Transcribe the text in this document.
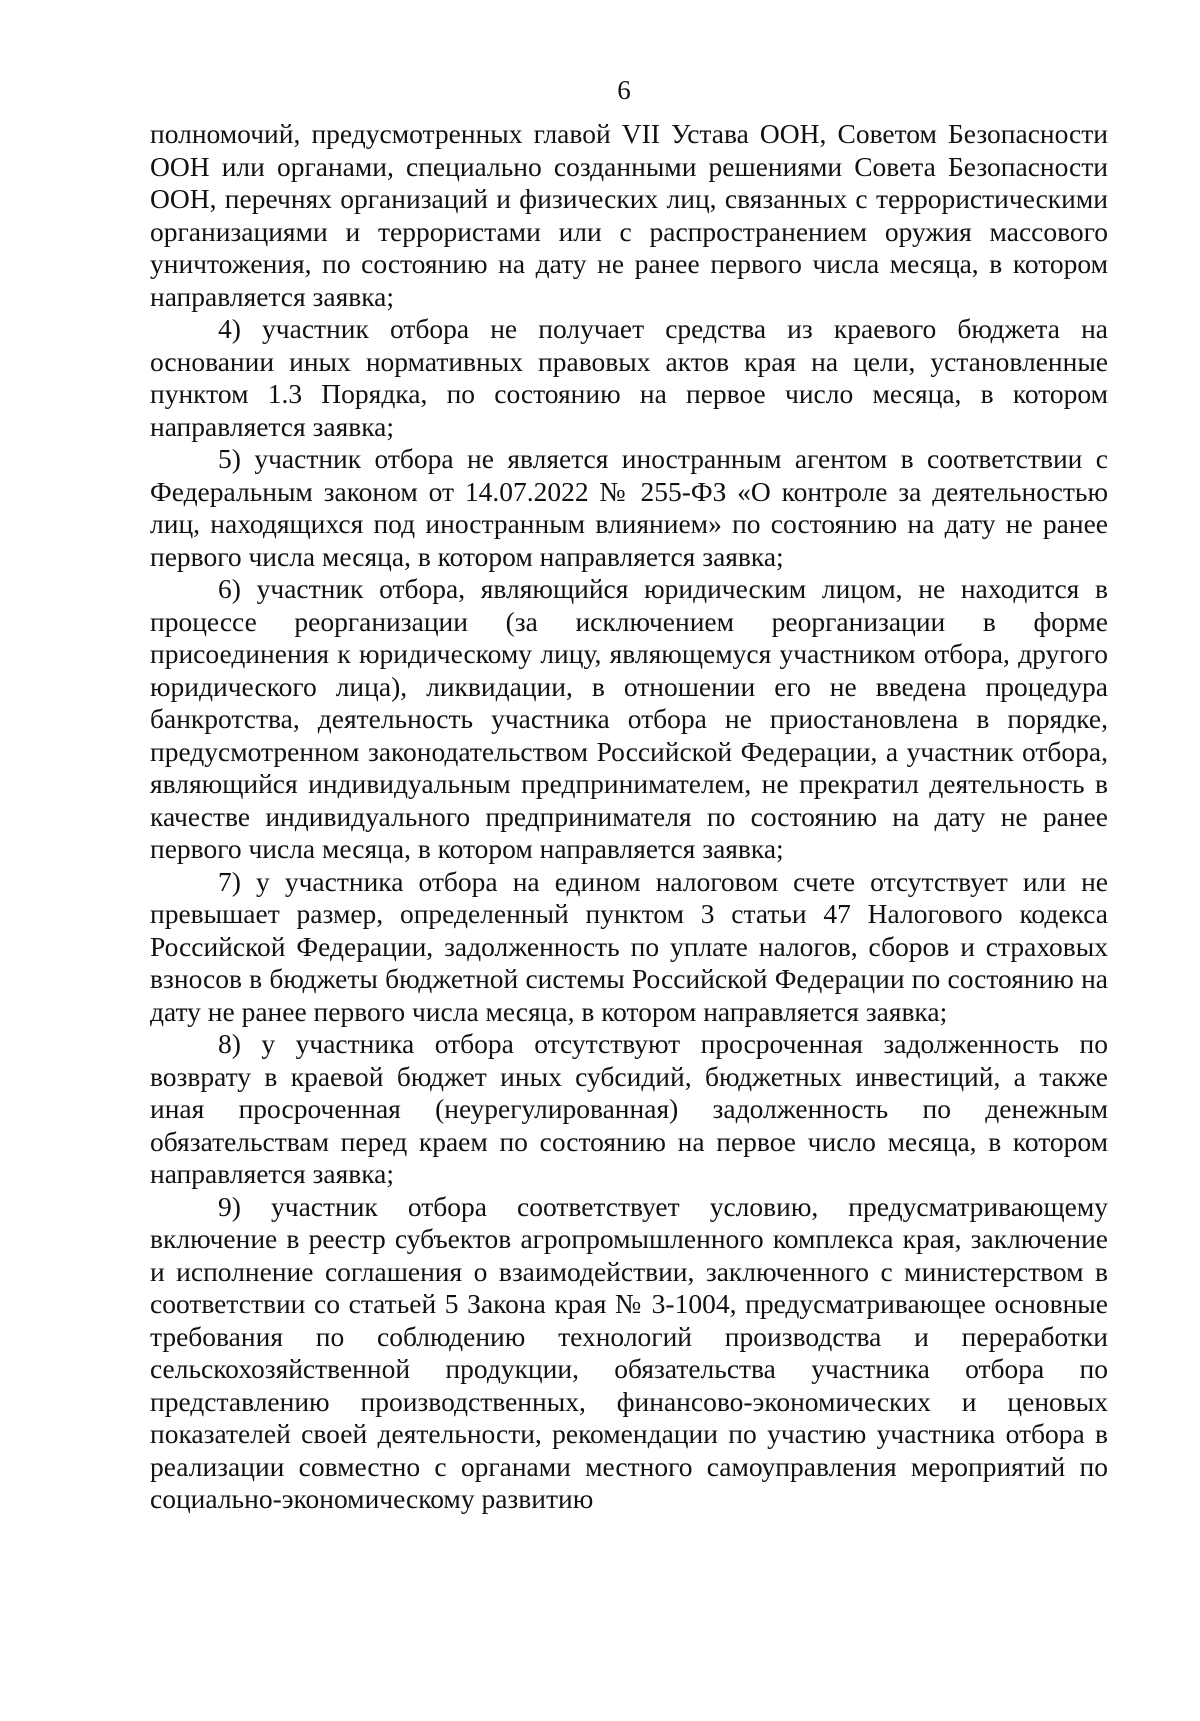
6

полномочий, предусмотренных главой VII Устава ООН, Советом Безопасности ООН или органами, специально созданными решениями Совета Безопасности ООН, перечнях организаций и физических лиц, связанных с террористическими организациями и террористами или с распространением оружия массового уничтожения, по состоянию на дату не ранее первого числа месяца, в котором направляется заявка;

4) участник отбора не получает средства из краевого бюджета на основании иных нормативных правовых актов края на цели, установленные пунктом 1.3 Порядка, по состоянию на первое число месяца, в котором направляется заявка;

5) участник отбора не является иностранным агентом в соответствии с Федеральным законом от 14.07.2022 № 255-ФЗ «О контроле за деятельностью лиц, находящихся под иностранным влиянием» по состоянию на дату не ранее первого числа месяца, в котором направляется заявка;

6) участник отбора, являющийся юридическим лицом, не находится в процессе реорганизации (за исключением реорганизации в форме присоединения к юридическому лицу, являющемуся участником отбора, другого юридического лица), ликвидации, в отношении его не введена процедура банкротства, деятельность участника отбора не приостановлена в порядке, предусмотренном законодательством Российской Федерации, а участник отбора, являющийся индивидуальным предпринимателем, не прекратил деятельность в качестве индивидуального предпринимателя по состоянию на дату не ранее первого числа месяца, в котором направляется заявка;

7) у участника отбора на едином налоговом счете отсутствует или не превышает размер, определенный пунктом 3 статьи 47 Налогового кодекса Российской Федерации, задолженность по уплате налогов, сборов и страховых взносов в бюджеты бюджетной системы Российской Федерации по состоянию на дату не ранее первого числа месяца, в котором направляется заявка;

8) у участника отбора отсутствуют просроченная задолженность по возврату в краевой бюджет иных субсидий, бюджетных инвестиций, а также иная просроченная (неурегулированная) задолженность по денежным обязательствам перед краем по состоянию на первое число месяца, в котором направляется заявка;

9) участник отбора соответствует условию, предусматривающему включение в реестр субъектов агропромышленного комплекса края, заключение и исполнение соглашения о взаимодействии, заключенного с министерством в соответствии со статьей 5 Закона края № 3-1004, предусматривающее основные требования по соблюдению технологий производства и переработки сельскохозяйственной продукции, обязательства участника отбора по представлению производственных, финансово-экономических и ценовых показателей своей деятельности, рекомендации по участию участника отбора в реализации совместно с органами местного самоуправления мероприятий по социально-экономическому развитию
